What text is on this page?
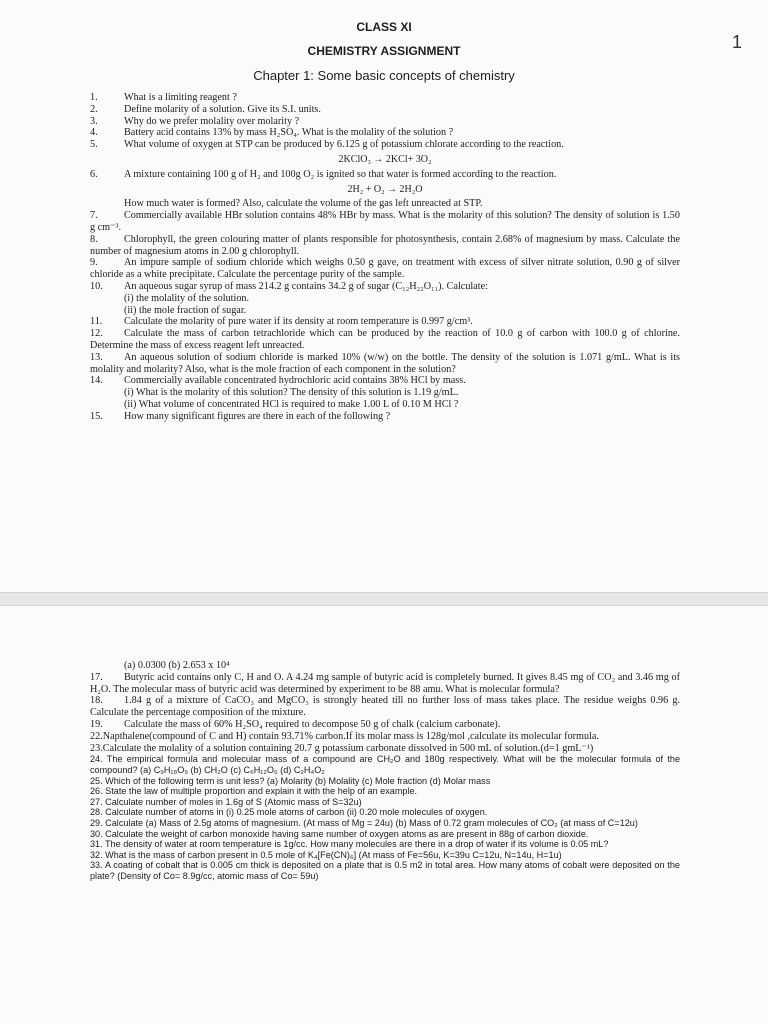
1
CLASS XI
CHEMISTRY ASSIGNMENT
Chapter 1: Some basic concepts of chemistry
1.	What is a limiting reagent ?
2.	Define molarity of a solution. Give its S.I. units.
3.	Why do we prefer molality over molarity ?
4.	Battery acid contains 13% by mass H₂SO₄. What is the molality of the solution ?
5.	What volume of oxygen at STP can be produced by 6.125 g of potassium chlorate according to the reaction.
2KClO₃ → 2KCl+ 3O₂
6.	A mixture containing 100 g of H₂ and 100g O₂ is ignited so that water is formed according to the reaction.
2H₂ + O₂ → 2H₂O
How much water is formed? Also, calculate the volume of the gas left unreacted at STP.
7.	Commercially available HBr solution contains 48% HBr by mass. What is the molarity of this solution? The density of solution is 1.50 g cm⁻³.
8.	Chlorophyll, the green colouring matter of plants responsible for photosynthesis, contain 2.68% of magnesium by mass. Calculate the number of magnesium atoms in 2.00 g chlorophyll.
9.	An impure sample of sodium chloride which weighs 0.50 g gave, on treatment with excess of silver nitrate solution, 0.90 g of silver chloride as a white precipitate. Calculate the percentage purity of the sample.
10. An aqueous sugar syrup of mass 214.2 g contains 34.2 g of sugar (C₁₂H₂₂O₁₁). Calculate:
(i) the molality of the solution.
(ii) the mole fraction of sugar.
11. Calculate the molarity of pure water if its density at room temperature is 0.997 g/cm³.
12. Calculate the mass of carbon tetrachloride which can be produced by the reaction of 10.0 g of carbon with 100.0 g of chlorine. Determine the mass of excess reagent left unreacted.
13. An aqueous solution of sodium chloride is marked 10% (w/w) on the bottle. The density of the solution is 1.071 g/mL. What is its molality and molarity? Also, what is the mole fraction of each component in the solution?
14. Commercially available concentrated hydrochloric acid contains 38% HCl by mass.
(i) What is the molarity of this solution? The density of this solution is 1.19 g/mL.
(ii) What volume of concentrated HCl is required to make 1.00 L of 0.10 M HCl ?
15. How many significant figures are there in each of the following ?
(a) 0.0300 (b) 2.653 x 10⁴
17. Butyric acid contains only C, H and O. A 4.24 mg sample of butyric acid is completely burned. It gives 8.45 mg of CO₂ and 3.46 mg of H₂O. The molecular mass of butyric acid was determined by experiment to be 88 amu. What is molecular formula?
18. 1.84 g of a mixture of CaCO₃ and MgCO₃ is strongly heated till no further loss of mass takes place. The residue weighs 0.96 g. Calculate the percentage composition of the mixture.
19. Calculate the mass of 60% H₂SO₄ required to decompose 50 g of chalk (calcium carbonate).
22.Napthalene(compound of C and H) contain 93.71% carbon.If its molar mass is 128g/mol ,calculate its molecular formula.
23.Calculate the molality of a solution containing 20.7 g potassium carbonate dissolved in 500 mL of solution.(d=1 gmL⁻¹)
24. The empirical formula and molecular mass of a compound are CH₂O and 180g respectively. What will be the molecular formula of the compound? (a) C₉H₁₈O₉ (b) CH₂O (c) C₆H₁₂O₆ (d) C₂H₄O₂
25. Which of the following term is unit less? (a) Molarity (b) Molality (c) Mole fraction (d) Molar mass
26. State the law of multiple proportion and explain it with the help of an example.
27. Calculate number of moles in 1.6g of S (Atomic mass of S=32u)
28. Calculate number of atoms in (i) 0.25 mole atoms of carbon (ii) 0.20 mole molecules of oxygen.
29. Calculate (a) Mass of 2.5g atoms of magnesium. (At mass of Mg = 24u) (b) Mass of 0.72 gram molecules of CO₂ (at mass of C=12u)
30. Calculate the weight of carbon monoxide having same number of oxygen atoms as are present in 88g of carbon dioxide.
31. The density of water at room temperature is 1g/cc. How many molecules are there in a drop of water if its volume is 0.05 mL?
32. What is the mass of carbon present in 0.5 mole of K₄[Fe(CN)₆] (At mass of Fe=56u, K=39u C=12u, N=14u, H=1u)
33. A coating of cobalt that is 0.005 cm thick is deposited on a plate that is 0.5 m2 in total area. How many atoms of cobalt were deposited on the plate? (Density of Co= 8.9g/cc, atomic mass of Co= 59u)
